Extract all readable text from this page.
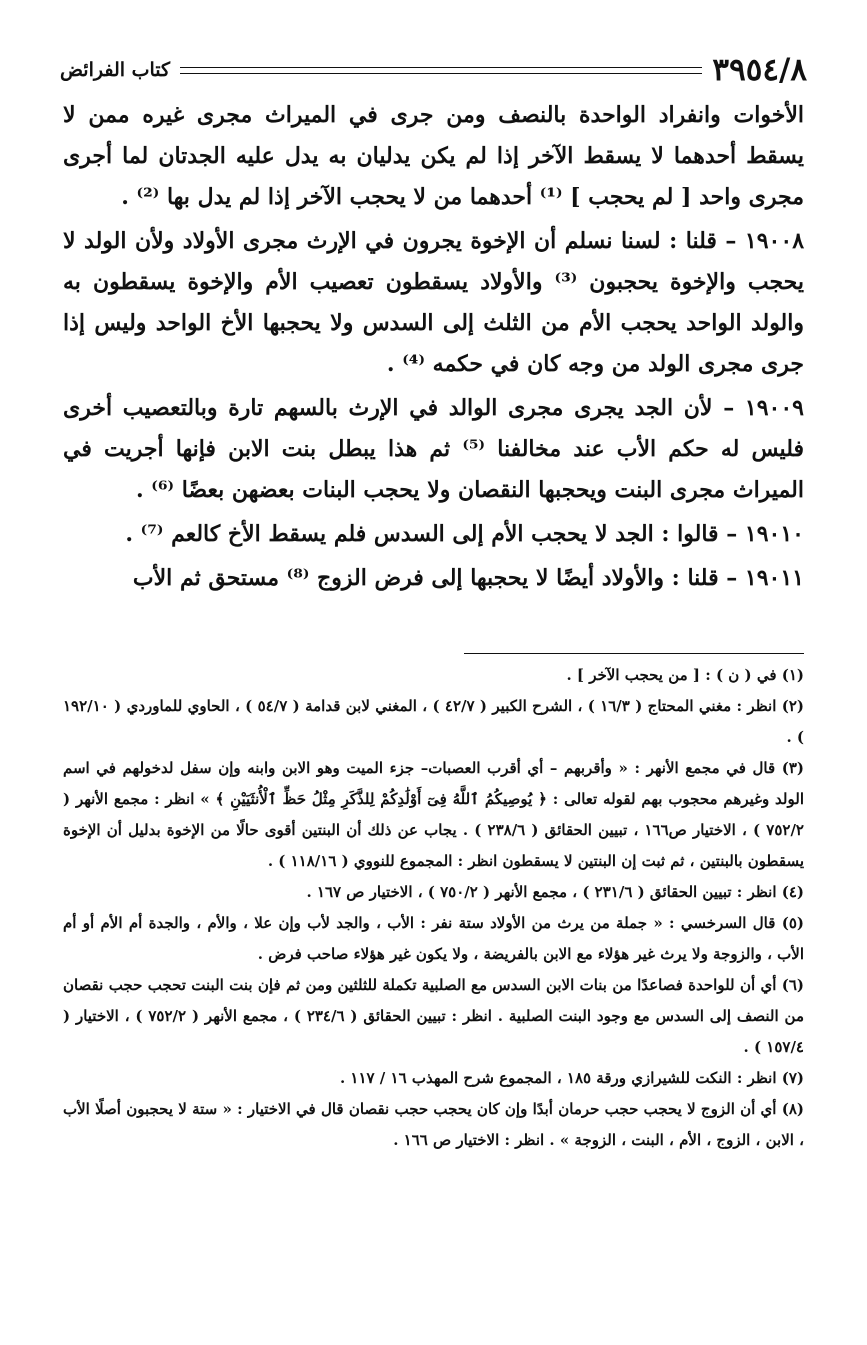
٣٩٥٤/٨
كتاب الفرائض

الأخوات وانفراد الواحدة بالنصف ومن جرى في الميراث مجرى غيره ممن لا يسقط أحدهما لا يسقط الآخر إذا لم يكن يدليان به يدل عليه الجدتان لما أجرى مجرى واحد [ لم يحجب ] ⁽¹⁾ أحدهما من لا يحجب الآخر إذا لم يدل بها ⁽²⁾ .

١٩٠٠٨ – قلنا : لسنا نسلم أن الإخوة يجرون في الإرث مجرى الأولاد ولأن الولد لا يحجب والإخوة يحجبون ⁽³⁾ والأولاد يسقطون تعصيب الأم والإخوة يسقطون به والولد الواحد يحجب الأم من الثلث إلى السدس ولا يحجبها الأخ الواحد وليس إذا جرى مجرى الولد من وجه كان في حكمه ⁽⁴⁾ .

١٩٠٠٩ – لأن الجد يجرى مجرى الوالد في الإرث بالسهم تارة وبالتعصيب أخرى فليس له حكم الأب عند مخالفنا ⁽⁵⁾ ثم هذا يبطل بنت الابن فإنها أجريت في الميراث مجرى البنت ويحجبها النقصان ولا يحجب البنات بعضهن بعضًا ⁽⁶⁾ .

١٩٠١٠ – قالوا : الجد لا يحجب الأم إلى السدس فلم يسقط الأخ كالعم ⁽⁷⁾ .

١٩٠١١ – قلنا : والأولاد أيضًا لا يحجبها إلى فرض الزوج ⁽⁸⁾ مستحق ثم الأب

(١) في ( ن ) : [ من يحجب الآخر ] .

(٢) انظر : مغني المحتاج ( ١٦/٣ ) ، الشرح الكبير ( ٤٢/٧ ) ، المغني لابن قدامة ( ٥٤/٧ ) ، الحاوي للماوردي ( ١٩٢/١٠ ) .

(٣) قال في مجمع الأنهر : « وأقربهم – أي أقرب العصبات– جزء الميت وهو الابن وابنه وإن سفل لدخولهم في اسم الولد وغيرهم محجوب بهم لقوله تعالى : ﴿ يُوصِيكُمُ ٱللَّهُ فِىٓ أَوْلَٰدِكُمْ لِلذَّكَرِ مِثْلُ حَظِّ ٱلْأُنثَيَيْنِ ﴾ » انظر : مجمع الأنهر ( ٧٥٢/٢ ) ، الاختيار ص١٦٦ ، تبيين الحقائق ( ٢٣٨/٦ ) . يجاب عن ذلك أن البنتين أقوى حالًا من الإخوة بدليل أن الإخوة يسقطون بالبنتين ، ثم ثبت إن البنتين لا يسقطون انظر : المجموع للنووي ( ١١٨/١٦ ) .

(٤) انظر : تبيين الحقائق ( ٢٣١/٦ ) ، مجمع الأنهر ( ٧٥٠/٢ ) ، الاختيار ص ١٦٧ .

(٥) قال السرخسي : « جملة من يرث من الأولاد ستة نفر : الأب ، والجد لأب وإن علا ، والأم ، والجدة أم الأم أو أم الأب ، والزوجة ولا يرث غير هؤلاء مع الابن بالفريضة ، ولا يكون غير هؤلاء صاحب فرض .

(٦) أي أن للواحدة فصاعدًا من بنات الابن السدس مع الصلبية تكملة للثلثين ومن ثم فإن بنت البنت تحجب حجب نقصان من النصف إلى السدس مع وجود البنت الصلبية . انظر : تبيين الحقائق ( ٢٣٤/٦ ) ، مجمع الأنهر ( ٧٥٢/٢ ) ، الاختيار ( ١٥٧/٤ ) .

(٧) انظر : النكت للشيرازي ورقة ١٨٥ ، المجموع شرح المهذب ١٦ / ١١٧ .

(٨) أي أن الزوج لا يحجب حجب حرمان أبدًا وإن كان يحجب حجب نقصان قال في الاختيار : « ستة لا يحجبون أصلًا الأب ، الابن ، الزوج ، الأم ، البنت ، الزوجة » . انظر : الاختيار ص ١٦٦ .
